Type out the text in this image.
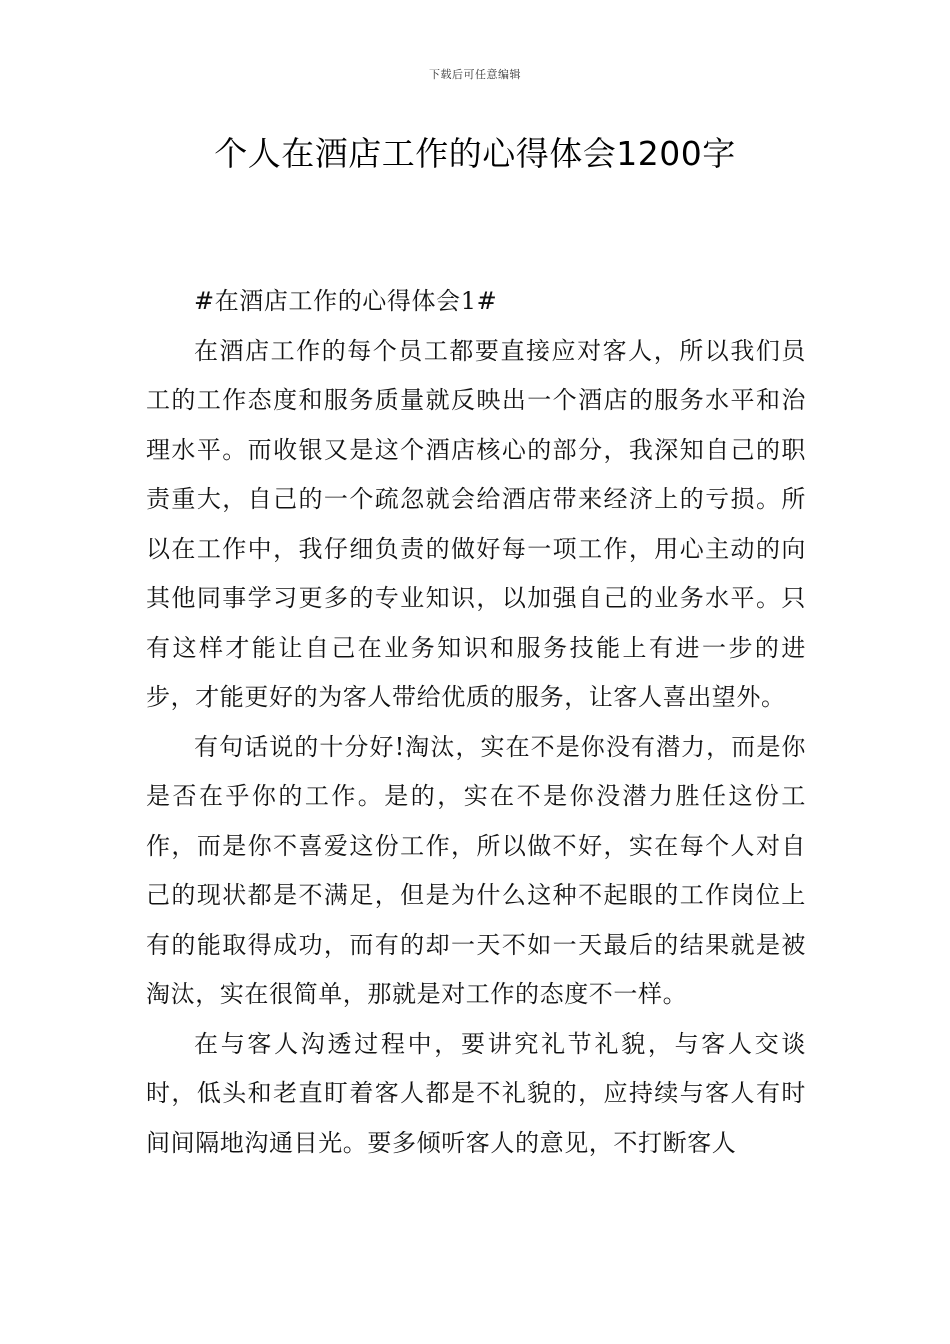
下载后可任意编辑
个人在酒店工作的心得体会1200字

#在酒店工作的心得体会1#

在酒店工作的每个员工都要直接应对客人，所以我们员工的工作态度和服务质量就反映出一个酒店的服务水平和治理水平。而收银又是这个酒店核心的部分，我深知自己的职责重大，自己的一个疏忽就会给酒店带来经济上的亏损。所以在工作中，我仔细负责的做好每一项工作，用心主动的向其他同事学习更多的专业知识，以加强自己的业务水平。只有这样才能让自己在业务知识和服务技能上有进一步的进步，才能更好的为客人带给优质的服务，让客人喜出望外。

有句话说的十分好!淘汰，实在不是你没有潜力，而是你是否在乎你的工作。是的，实在不是你没潜力胜任这份工作，而是你不喜爱这份工作，所以做不好，实在每个人对自己的现状都是不满足，但是为什么这种不起眼的工作岗位上有的能取得成功，而有的却一天不如一天最后的结果就是被淘汰，实在很简单，那就是对工作的态度不一样。

在与客人沟透过程中，要讲究礼节礼貌，与客人交谈时，低头和老直盯着客人都是不礼貌的，应持续与客人有时间间隔地沟通目光。要多倾听客人的意见，不打断客人
